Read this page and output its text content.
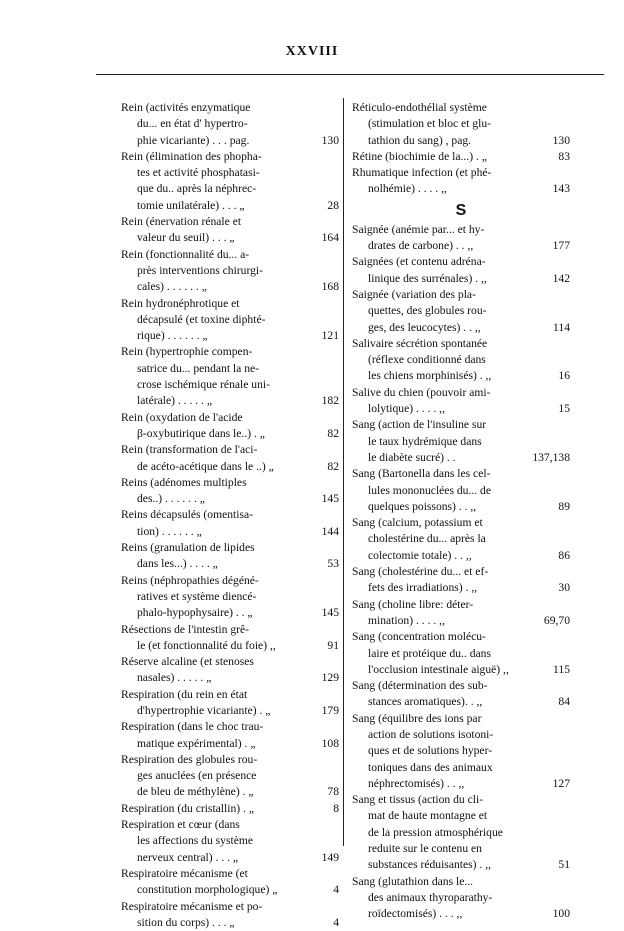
XXVIII
Rein (activités enzymatique
du... en état d' hypertro-
phie vicariante) . . . pag.	130
Rein (élimination des phopha-
tes et activité phosphatasi-
que du.. après la néphrec-
tomie unilatérale) . . . „	28
Rein (énervation rénale et
valeur du seuil) . . . „	164
Rein (fonctionnalité du... a-
près interventions chirurgi-
cales) . . . . . . „	168
Rein hydronéphrotique et
décapsulé (et toxine diphté-
rique) . . . . . . „	121
Rein (hypertrophie compen-
satrice du... pendant la ne-
crose ischémique rénale uni-
latérale) . . . . . „	182
Rein (oxydation de l'acide
β-oxybutirique dans le..) . „	82
Rein (transformation de l'aci-
de acéto-acétique dans le ..) „	82
Reins (adénomes multiples
des..) . . . . . . „	145
Reins décapsulés (omentisa-
tion) . . . . . . „	144
Reins (granulation de lipides
dans les...) . . . . „	53
Reins (néphropathies dégéné-
ratives et système diencé-
phalo-hypophysaire) . . „	145
Résections de l'intestin grê-
le (et fonctionnalité du foie) ,,	91
Réserve alcaline (et stenoses
nasales) . . . . . „	129
Respiration (du rein en état
d'hypertrophie vicariante) . „	179
Respiration (dans le choc trau-
matique expérimental) . „	108
Respiration des globules rou-
ges anuclées (en présence
de bleu de méthylène) . „	78
Respiration (du cristallin) . „	8
Respiration et cœur (dans
les affections du système
nerveux central) . . . „	149
Respiratoire mécanisme (et
constitution morphologique) „	4
Respiratoire mécanisme et po-
sition du corps) . . . „	4
Réticulo-endothélial système
(stimulation et bloc et glu-
tathion du sang) , pag.	130
Rétine (biochimie de la...) . „	83
Rhumatique infection (et phé-
nolhémie) . . . . ,,	143
S
Saignée (anémie par... et hy-
drates de carbone) . . ,,	177
Saignées (et contenu adréna-
linique des surrénales) . ,,	142
Saignée (variation des pla-
quettes, des globules rou-
ges, des leucocytes) . . ,,	114
Salivaire sécrétion spontanée
(réflexe conditionné dans
les chiens morphinisés) . ,,	16
Salive du chien (pouvoir ami-
lolytique) . . . . ,,	15
Sang (action de l'insuline sur
le taux hydrémique dans
le diabète sucré) . .	137,138
Sang (Bartonella dans les cel-
lules mononuclées du... de
quelques poissons) . . ,,	89
Sang (calcium, potassium et
cholestérine du... après la
colectomie totale) . . ,,	86
Sang (cholestérine du... et ef-
fets des irradiations) . ,,	30
Sang (choline libre: déter-
mination) . . . . ,,	69,70
Sang (concentration molécu-
laire et protéique du.. dans
l'occlusion intestinale aiguë) ,,	115
Sang (détermination des sub-
stances aromatiques). . ,,	84
Sang (équilibre des ions par
action de solutions isotoni-
ques et de solutions hyper-
toniques dans des animaux
néphrectomisés) . . ,,	127
Sang et tissus (action du cli-
mat de haute montagne et
de la pression atmosphérique
reduite sur le contenu en
substances réduisantes) . ,,	51
Sang (glutathion dans le...
des animaux thyroparathy-
roïdectomisés) . . . ,,	100
